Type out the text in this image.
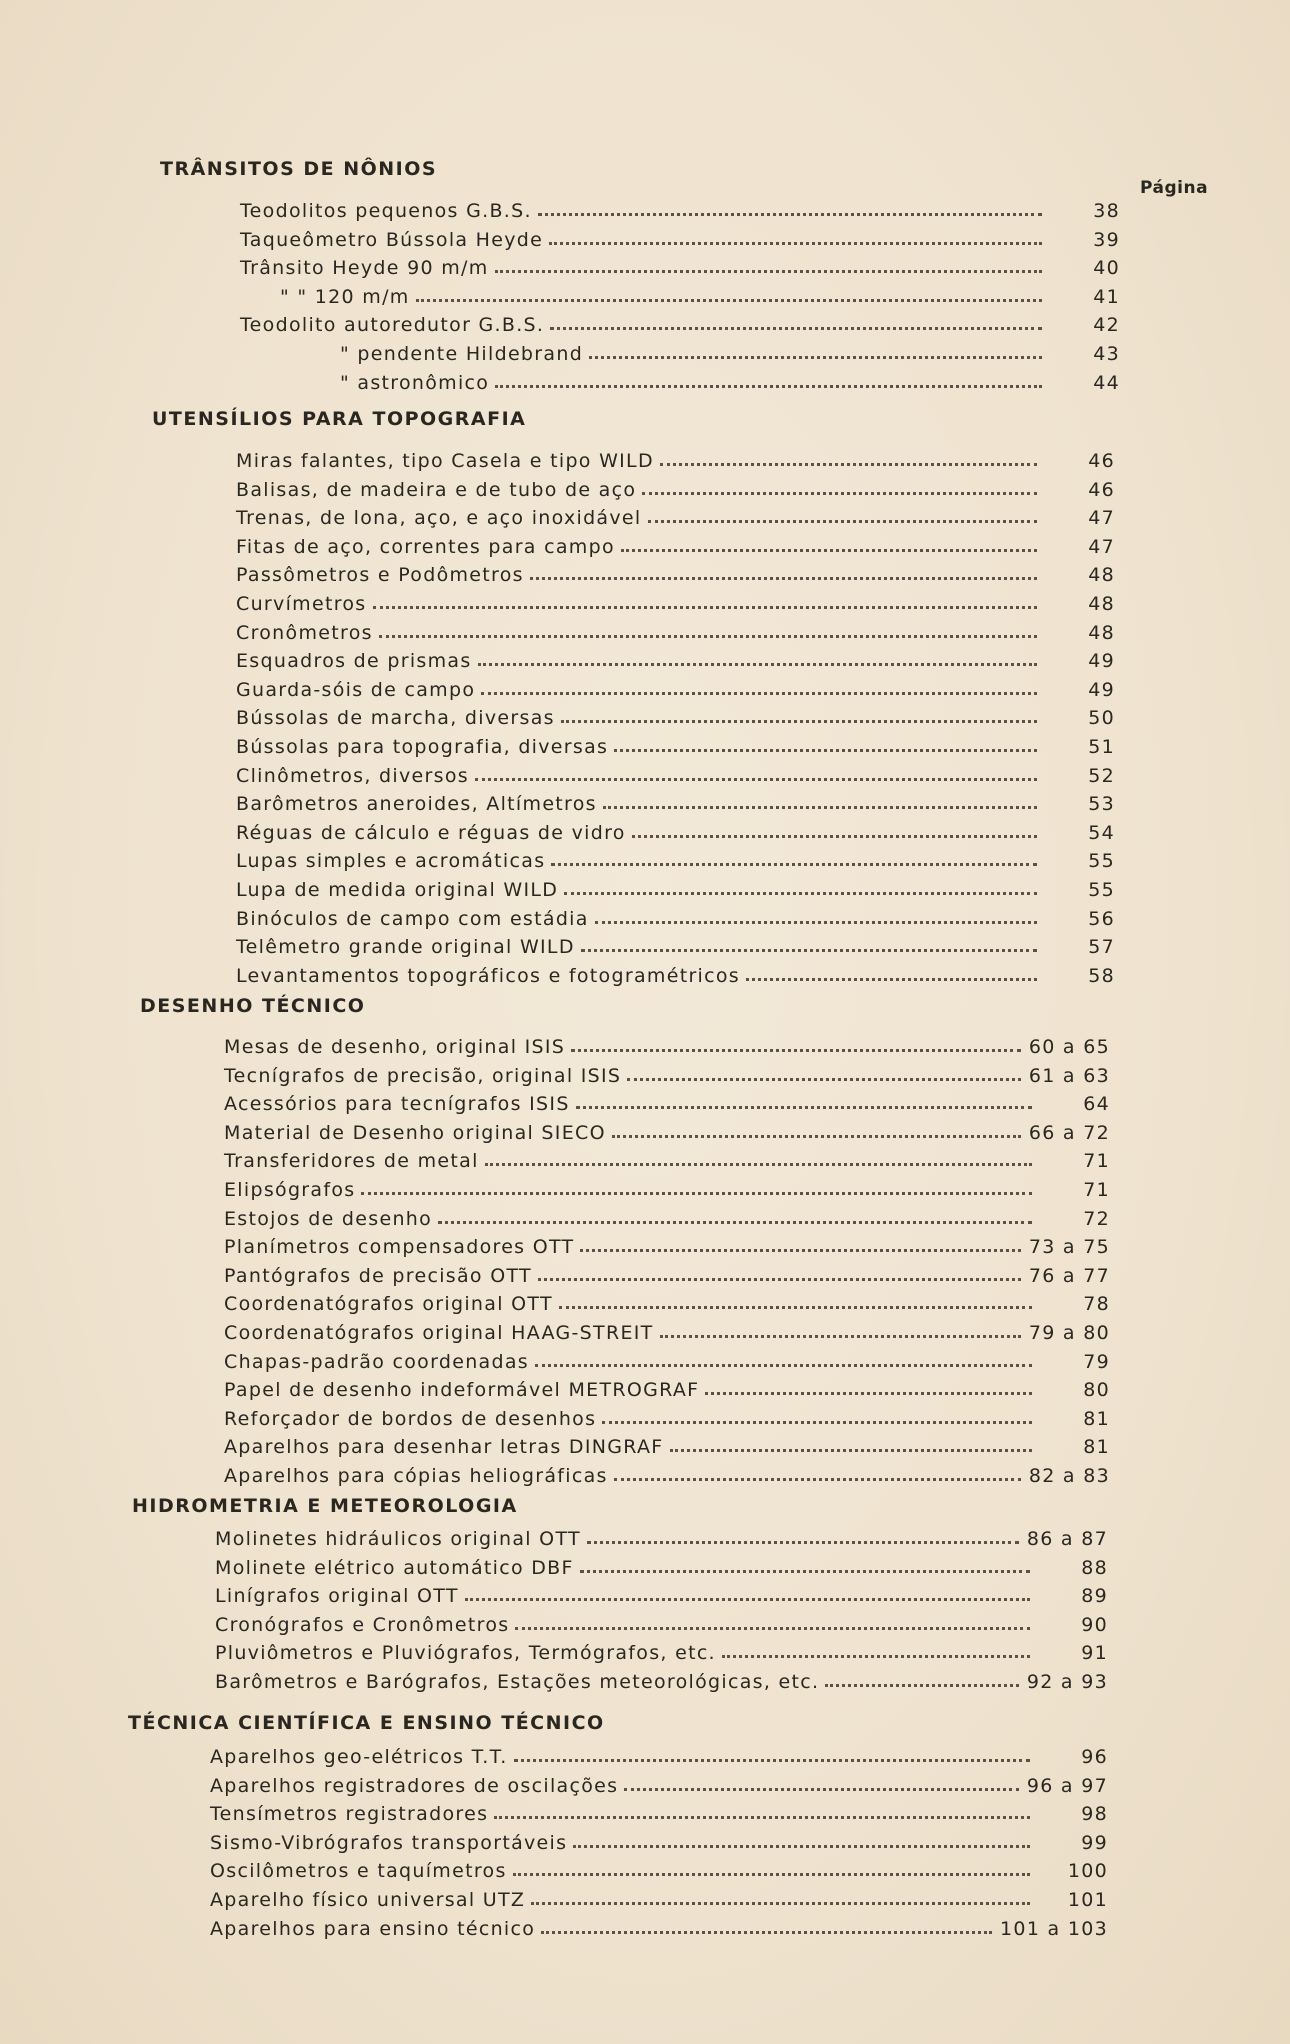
Página
TRÂNSITOS DE NÔNIOS
Teodolitos pequenos G.B.S.	38
Taqueômetro Bússola Heyde	39
Trânsito Heyde 90 m/m	40
" " 120 m/m	41
Teodolito autoredutor G.B.S.	42
" pendente Hildebrand	43
" astronômico	44
UTENSÍLIOS PARA TOPOGRAFIA
Miras falantes, tipo Casela e tipo WILD	46
Balisas, de madeira e de tubo de aço	46
Trenas, de lona, aço, e aço inoxidável	47
Fitas de aço, correntes para campo	47
Passômetros e Podômetros	48
Curvímetros	48
Cronômetros	48
Esquadros de prismas	49
Guarda-sóis de campo	49
Bússolas de marcha, diversas	50
Bússolas para topografia, diversas	51
Clinômetros, diversos	52
Barômetros aneroides, Altímetros	53
Réguas de cálculo e réguas de vidro	54
Lupas simples e acromáticas	55
Lupa de medida original WILD	55
Binóculos de campo com estádia	56
Telêmetro grande original WILD	57
Levantamentos topográficos e fotogramétricos	58
DESENHO TÉCNICO
Mesas de desenho, original ISIS	60 a 65
Tecnígrafos de precisão, original ISIS	61 a 63
Acessórios para tecnígrafos ISIS	64
Material de Desenho original SIECO	66 a 72
Transferidores de metal	71
Elipsógrafos	71
Estojos de desenho	72
Planímetros compensadores OTT	73 a 75
Pantógrafos de precisão OTT	76 a 77
Coordenatógrafos original OTT	78
Coordenatógrafos original HAAG-STREIT	79 a 80
Chapas-padrão coordenadas	79
Papel de desenho indeformável METROGRAF	80
Reforçador de bordos de desenhos	81
Aparelhos para desenhar letras DINGRAF	81
Aparelhos para cópias heliográficas	82 a 83
HIDROMETRIA E METEOROLOGIA
Molinetes hidráulicos original OTT	86 a 87
Molinete elétrico automático DBF	88
Linígrafos original OTT	89
Cronógrafos e Cronômetros	90
Pluviômetros e Pluviógrafos, Termógrafos, etc.	91
Barômetros e Barógrafos, Estações meteorológicas, etc.	92 a 93
TÉCNICA CIENTÍFICA E ENSINO TÉCNICO
Aparelhos geo-elétricos T.T.	96
Aparelhos registradores de oscilações	96 a 97
Tensímetros registradores	98
Sismo-Vibrógrafos transportáveis	99
Oscilômetros e taquímetros	100
Aparelho físico universal UTZ	101
Aparelhos para ensino técnico	101 a 103
